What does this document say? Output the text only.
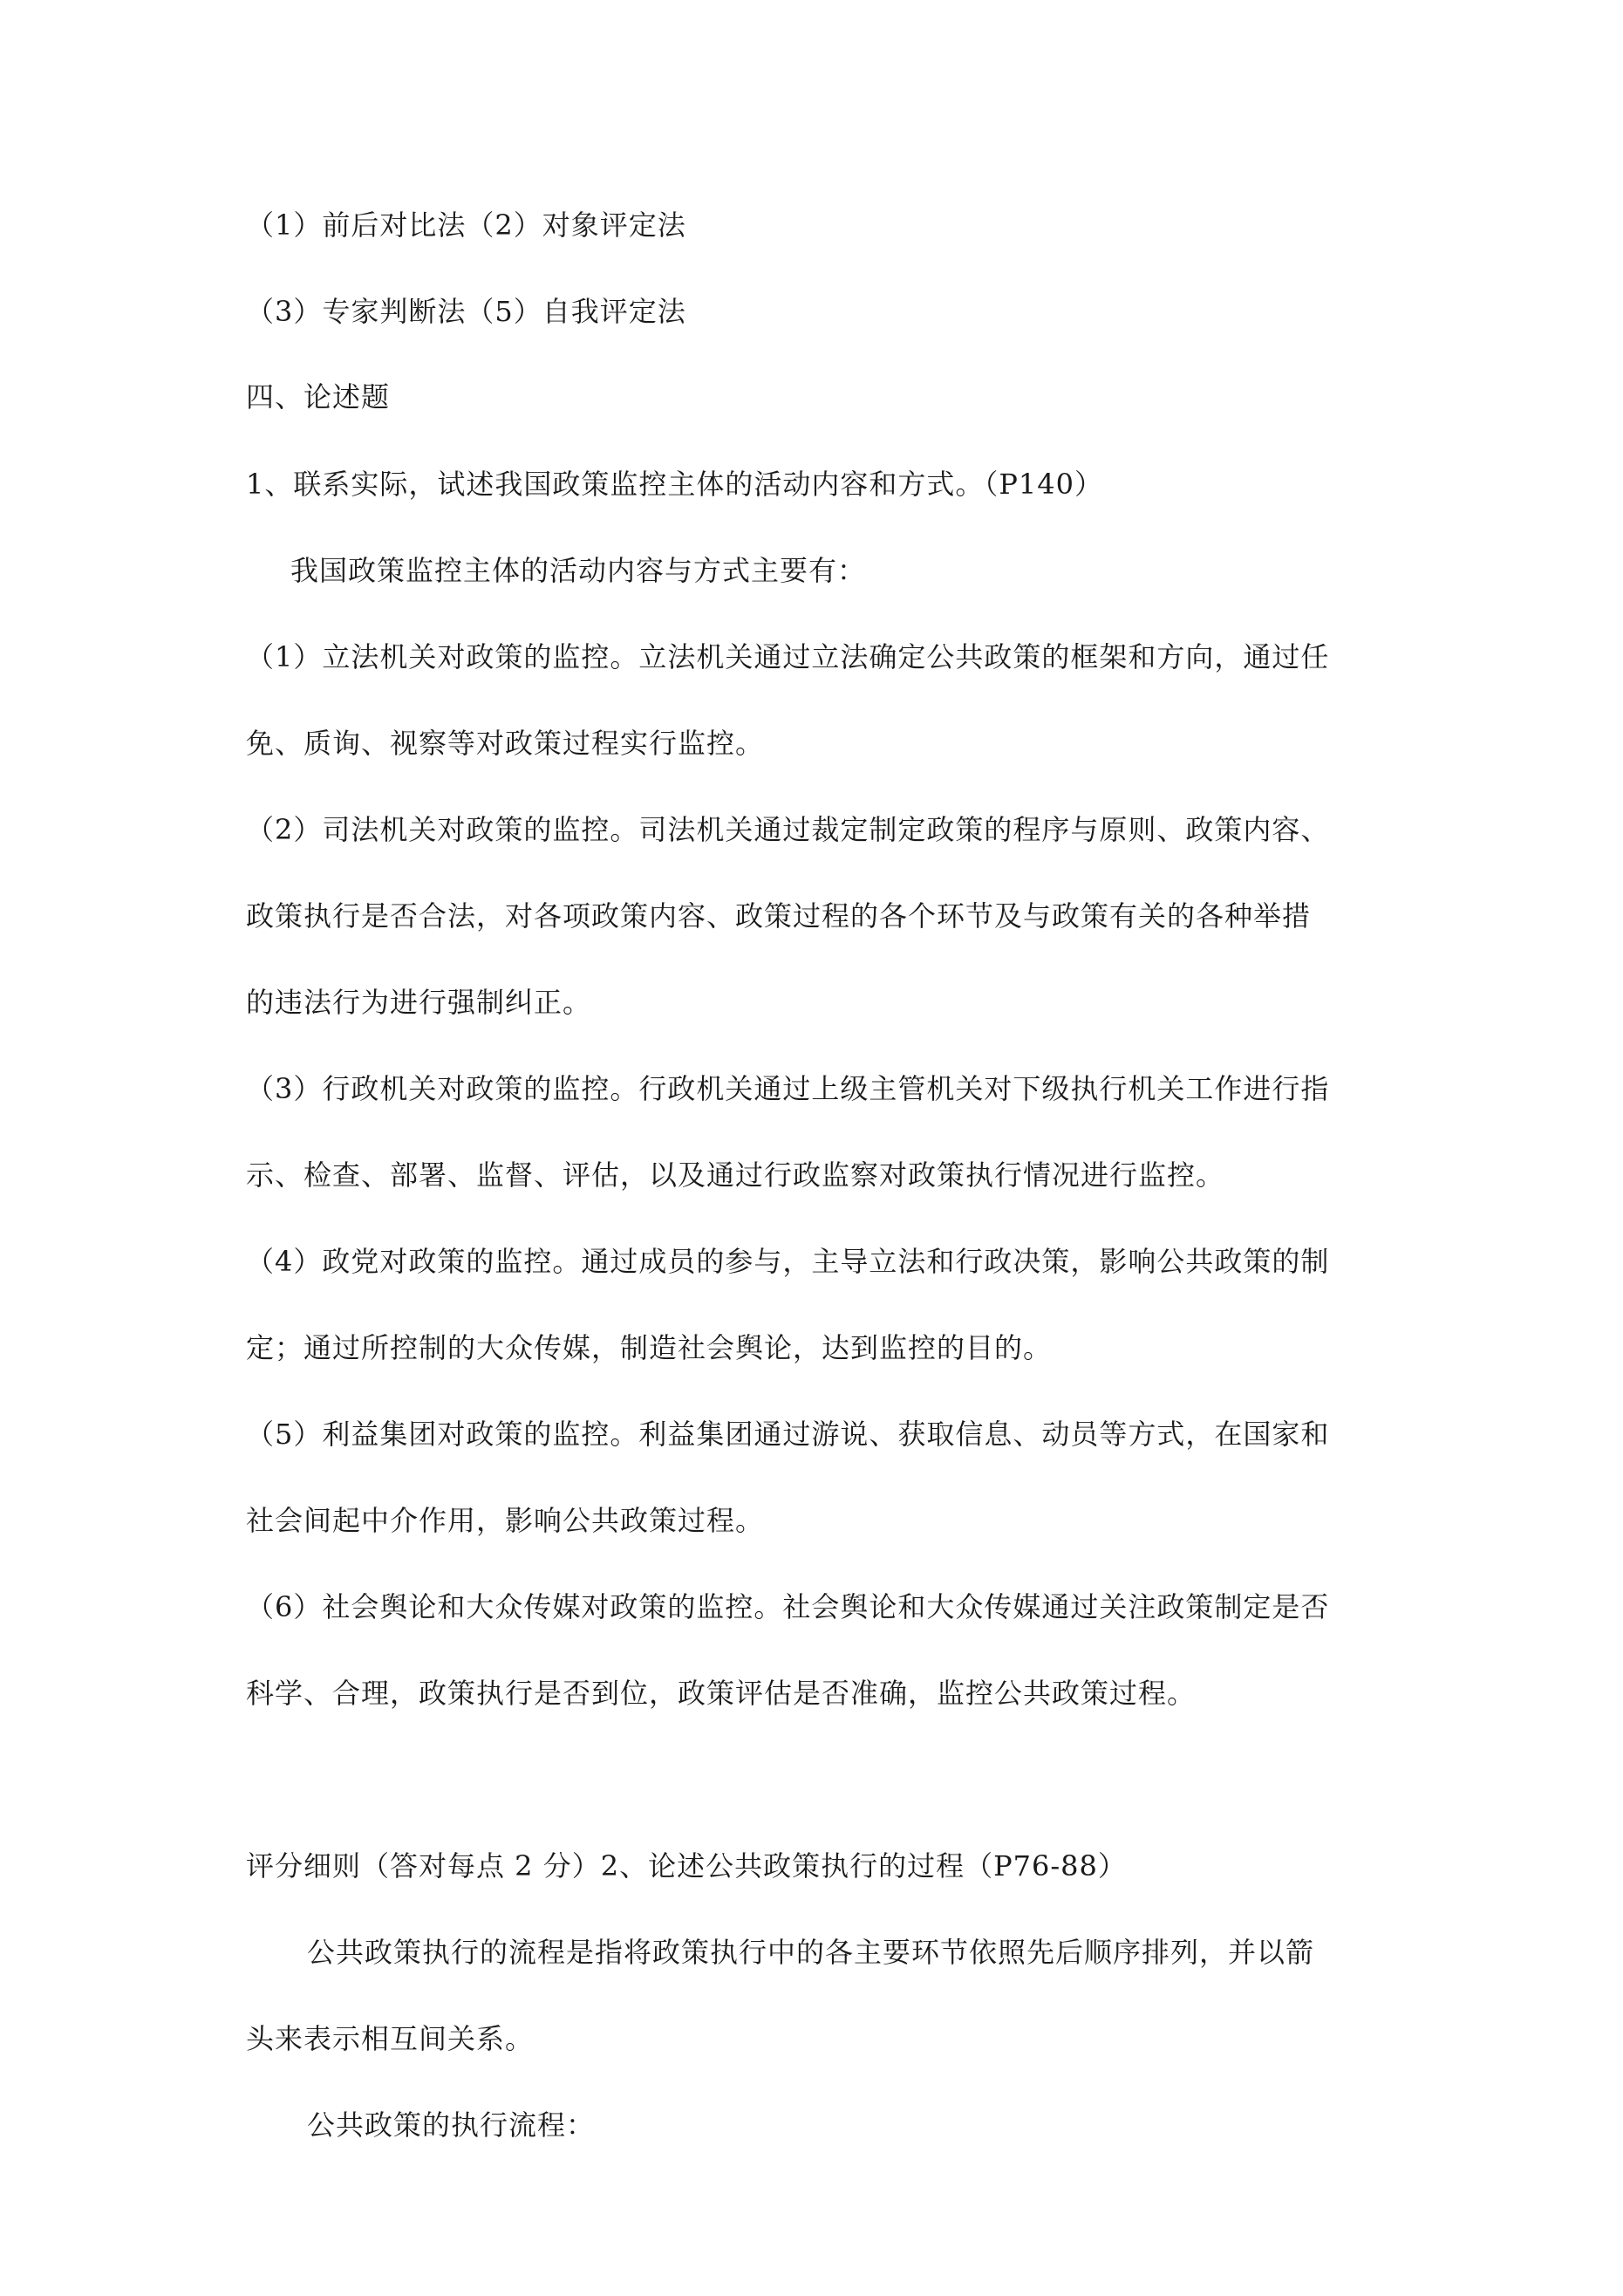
（1）前后对比法（2）对象评定法
（3）专家判断法（5）自我评定法
四、论述题
1、联系实际，试述我国政策监控主体的活动内容和方式。（P140）
我国政策监控主体的活动内容与方式主要有：
（1）立法机关对政策的监控。立法机关通过立法确定公共政策的框架和方向，通过任
免、质询、视察等对政策过程实行监控。
（2）司法机关对政策的监控。司法机关通过裁定制定政策的程序与原则、政策内容、
政策执行是否合法，对各项政策内容、政策过程的各个环节及与政策有关的各种举措
的违法行为进行强制纠正。
（3）行政机关对政策的监控。行政机关通过上级主管机关对下级执行机关工作进行指
示、检查、部署、监督、评估，以及通过行政监察对政策执行情况进行监控。
（4）政党对政策的监控。通过成员的参与，主导立法和行政决策，影响公共政策的制
定；通过所控制的大众传媒，制造社会舆论，达到监控的目的。
（5）利益集团对政策的监控。利益集团通过游说、获取信息、动员等方式，在国家和
社会间起中介作用，影响公共政策过程。
（6）社会舆论和大众传媒对政策的监控。社会舆论和大众传媒通过关注政策制定是否
科学、合理，政策执行是否到位，政策评估是否准确，监控公共政策过程。
评分细则（答对每点 2 分）2、论述公共政策执行的过程（P76-88）
公共政策执行的流程是指将政策执行中的各主要环节依照先后顺序排列，并以箭
头来表示相互间关系。
公共政策的执行流程：
